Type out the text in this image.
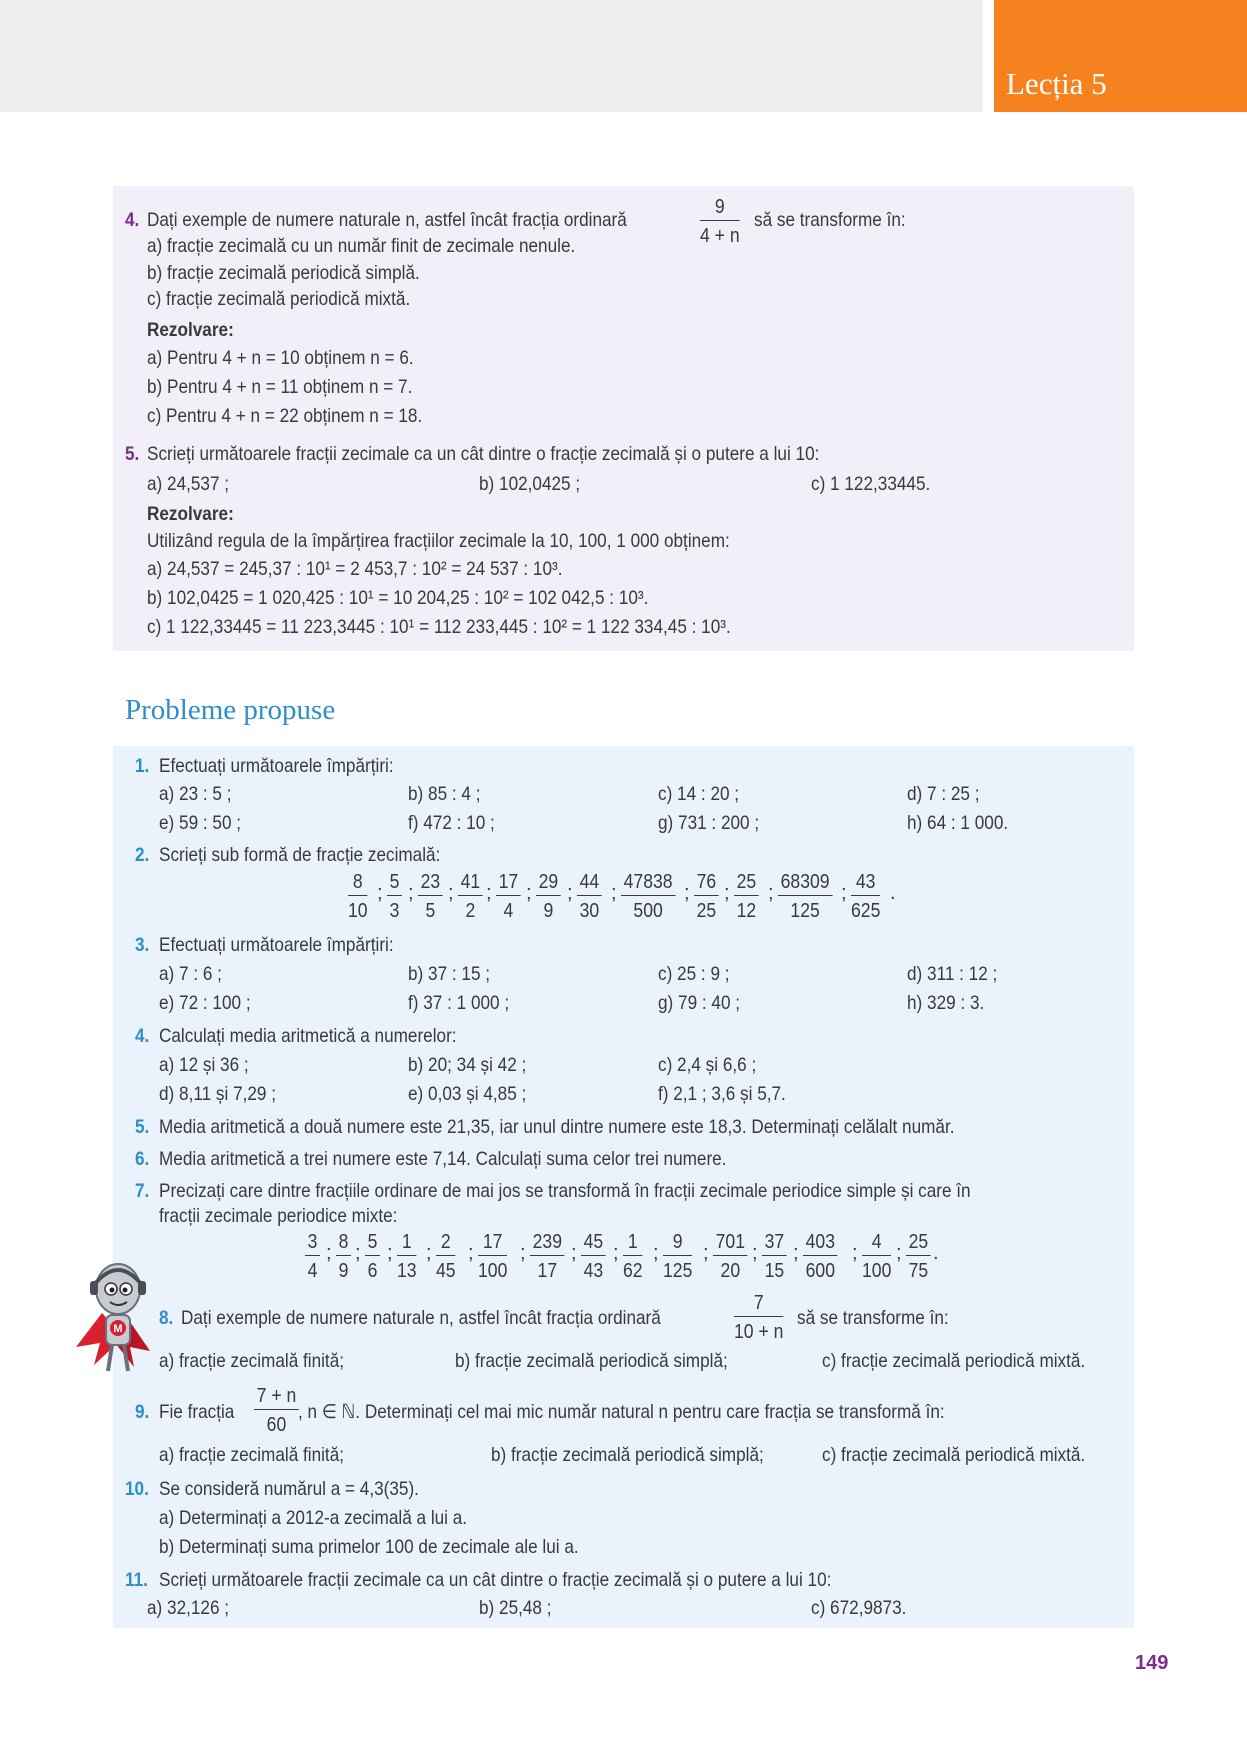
Lecția 5
4. Dați exemple de numere naturale n, astfel încât fracția ordinară	$\frac{9}{4 + n}$ să se transforme în:
a) fracție zecimală cu un număr finit de zecimale nenule.
b) fracție zecimală periodică simplă.
c) fracție zecimală periodică mixtă.
Rezolvare:
a) Pentru 4 + n = 10 obținem n = 6.
b) Pentru 4 + n = 11 obținem n = 7.
c) Pentru 4 + n = 22 obținem n = 18.
5. Scrieți următoarele fracții zecimale ca un cât dintre o fracție zecimală și o putere a lui 10:
a) 24,537 ;	b) 102,0425 ;	c) 1 122,33445.
Rezolvare:
Utilizând regula de la împărțirea fracțiilor zecimale la 10, 100, 1 000 obținem:
a) 24,537 = 245,37 : 10¹ = 2 453,7 : 10² = 24 537 : 10³.
b) 102,0425 = 1 020,425 : 10¹ = 10 204,25 : 10² = 102 042,5 : 10³.
c) 1 122,33445 = 11 223,3445 : 10¹ = 112 233,445 : 10² = 1 122 334,45 : 10³.
Probleme propuse
1. Efectuați următoarele împărțiri:
a) 23 : 5 ;	b) 85 : 4 ;	c) 14 : 20 ;	d) 7 : 25 ;
e) 59 : 50 ;	f) 472 : 10 ;	g) 731 : 200 ;	h) 64 : 1 000.
2. Scrieți sub formă de fracție zecimală:
$\frac{8}{10}$ ; $\frac{5}{3}$ ; $\frac{23}{5}$ ; $\frac{41}{2}$ ; $\frac{17}{4}$ ; $\frac{29}{9}$ ; $\frac{44}{30}$ ; $\frac{47838}{500}$ ; $\frac{76}{25}$ ; $\frac{25}{12}$ ; $\frac{68309}{125}$ ; $\frac{43}{625}$ .
3. Efectuați următoarele împărțiri:
a) 7 : 6 ;	b) 37 : 15 ;	c) 25 : 9 ;	d) 311 : 12 ;
e) 72 : 100 ;	f) 37 : 1 000 ;	g) 79 : 40 ;	h) 329 : 3.
4. Calculați media aritmetică a numerelor:
a) 12 și 36 ;	b) 20; 34 și 42 ;	c) 2,4 și 6,6 ;
d) 8,11 și 7,29 ;	e) 0,03 și 4,85 ;	f) 2,1 ; 3,6 și 5,7.
5. Media aritmetică a două numere este 21,35, iar unul dintre numere este 18,3. Determinați celălalt număr.
6. Media aritmetică a trei numere este 7,14. Calculați suma celor trei numere.
7. Precizați care dintre fracțiile ordinare de mai jos se transformă în fracții zecimale periodice simple și care în
fracții zecimale periodice mixte:
$\frac{3}{4}$ ; $\frac{8}{9}$ ; $\frac{5}{6}$ ; $\frac{1}{13}$ ; $\frac{2}{45}$ ; $\frac{17}{100}$ ; $\frac{239}{17}$ ; $\frac{45}{43}$ ; $\frac{1}{62}$ ; $\frac{9}{125}$ ; $\frac{701}{20}$ ; $\frac{37}{15}$ ; $\frac{403}{600}$ ; $\frac{4}{100}$ ; $\frac{25}{75}$ .
M 8. Dați exemple de numere naturale n, astfel încât fracția ordinară	$\frac{7}{10 + n}$ să se transforme în:
a) fracție zecimală finită;	b) fracție zecimală periodică simplă;	c) fracție zecimală periodică mixtă.
9. Fie fracția $\frac{7 + n}{60}$ , n ∈ ℕ. Determinați cel mai mic număr natural n pentru care fracția se transformă în:
a) fracție zecimală finită;	b) fracție zecimală periodică simplă;	c) fracție zecimală periodică mixtă.
10. Se consideră numărul a = 4,3(35).
a) Determinați a 2012-a zecimală a lui a.
b) Determinați suma primelor 100 de zecimale ale lui a.
11. Scrieți următoarele fracții zecimale ca un cât dintre o fracție zecimală și o putere a lui 10:
a) 32,126 ;	b) 25,48 ;	c) 672,9873.
149
